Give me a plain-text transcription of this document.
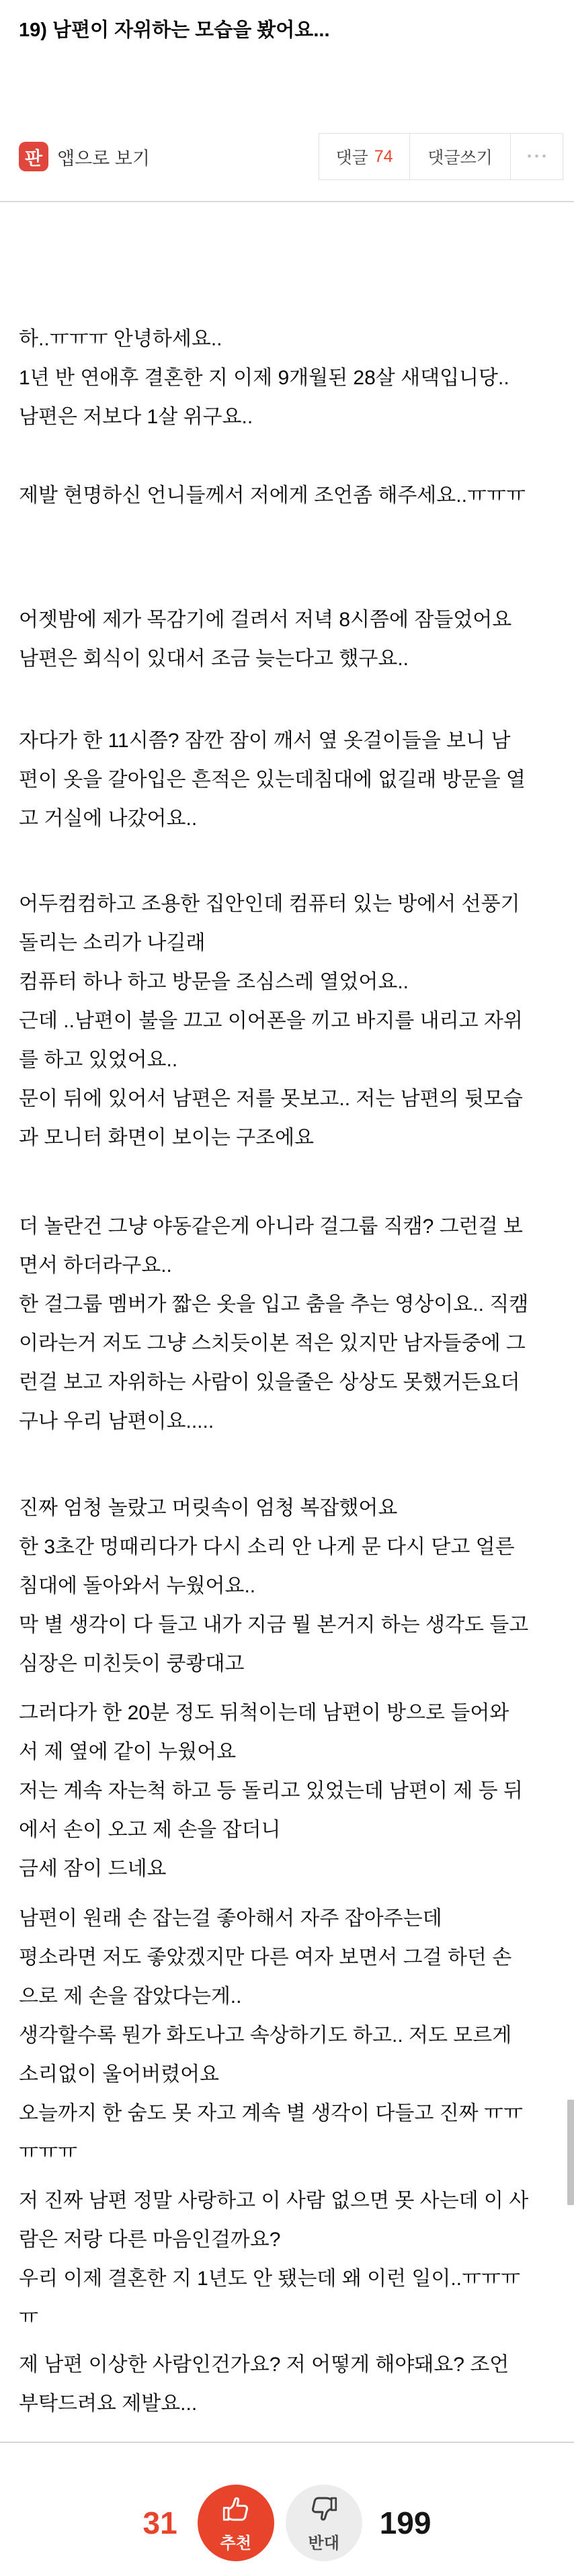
19) 남편이 자위하는 모습을 봤어요...
판 앱으로 보기	댓글 74 댓글쓰기	•••
하..ㅠㅠㅠ 안녕하세요..
1년 반 연애후 결혼한 지 이제 9개월된 28살 새댁입니당..
남편은 저보다 1살 위구요..
제발 현명하신 언니들께서 저에게 조언좀 해주세요..ㅠㅠㅠ
어젯밤에 제가 목감기에 걸려서 저녁 8시쯤에 잠들었어요
남편은 회식이 있대서 조금 늦는다고 했구요..
자다가 한 11시쯤? 잠깐 잠이 깨서 옆 옷걸이들을 보니 남
편이 옷을 갈아입은 흔적은 있는데침대에 없길래 방문을 열
고 거실에 나갔어요..
어두컴컴하고 조용한 집안인데 컴퓨터 있는 방에서 선풍기
돌리는 소리가 나길래
컴퓨터 하나 하고 방문을 조심스레 열었어요..
근데 ..남편이 불을 끄고 이어폰을 끼고 바지를 내리고 자위
를 하고 있었어요..
문이 뒤에 있어서 남편은 저를 못보고.. 저는 남편의 뒷모습
과 모니터 화면이 보이는 구조에요
더 놀란건 그냥 야동같은게 아니라 걸그룹 직캠? 그런걸 보
면서 하더라구요..
한 걸그룹 멤버가 짧은 옷을 입고 춤을 추는 영상이요.. 직캠
이라는거 저도 그냥 스치듯이본 적은 있지만 남자들중에 그
런걸 보고 자위하는 사람이 있을줄은 상상도 못했거든요더
구나 우리 남편이요.....
진짜 엄청 놀랐고 머릿속이 엄청 복잡했어요
한 3초간 멍때리다가 다시 소리 안 나게 문 다시 닫고 얼른
침대에 돌아와서 누웠어요..
막 별 생각이 다 들고 내가 지금 뭘 본거지 하는 생각도 들고
심장은 미친듯이 쿵쾅대고
그러다가 한 20분 정도 뒤척이는데 남편이 방으로 들어와
서 제 옆에 같이 누웠어요
저는 계속 자는척 하고 등 돌리고 있었는데 남편이 제 등 뒤
에서 손이 오고 제 손을 잡더니
금세 잠이 드네요
남편이 원래 손 잡는걸 좋아해서 자주 잡아주는데
평소라면 저도 좋았겠지만 다른 여자 보면서 그걸 하던 손
으로 제 손을 잡았다는게..
생각할수록 뭔가 화도나고 속상하기도 하고.. 저도 모르게
소리없이 울어버렸어요
오늘까지 한 숨도 못 자고 계속 별 생각이 다들고 진짜 ㅠㅠ
ㅠㅠㅠ
저 진짜 남편 정말 사랑하고 이 사람 없으면 못 사는데 이 사
람은 저랑 다른 마음인걸까요?
우리 이제 결혼한 지 1년도 안 됐는데 왜 이런 일이..ㅠㅠㅠ
ㅠ
제 남편 이상한 사람인건가요? 저 어떻게 해야돼요? 조언
부탁드려요 제발요...
31
추천	반대
199
